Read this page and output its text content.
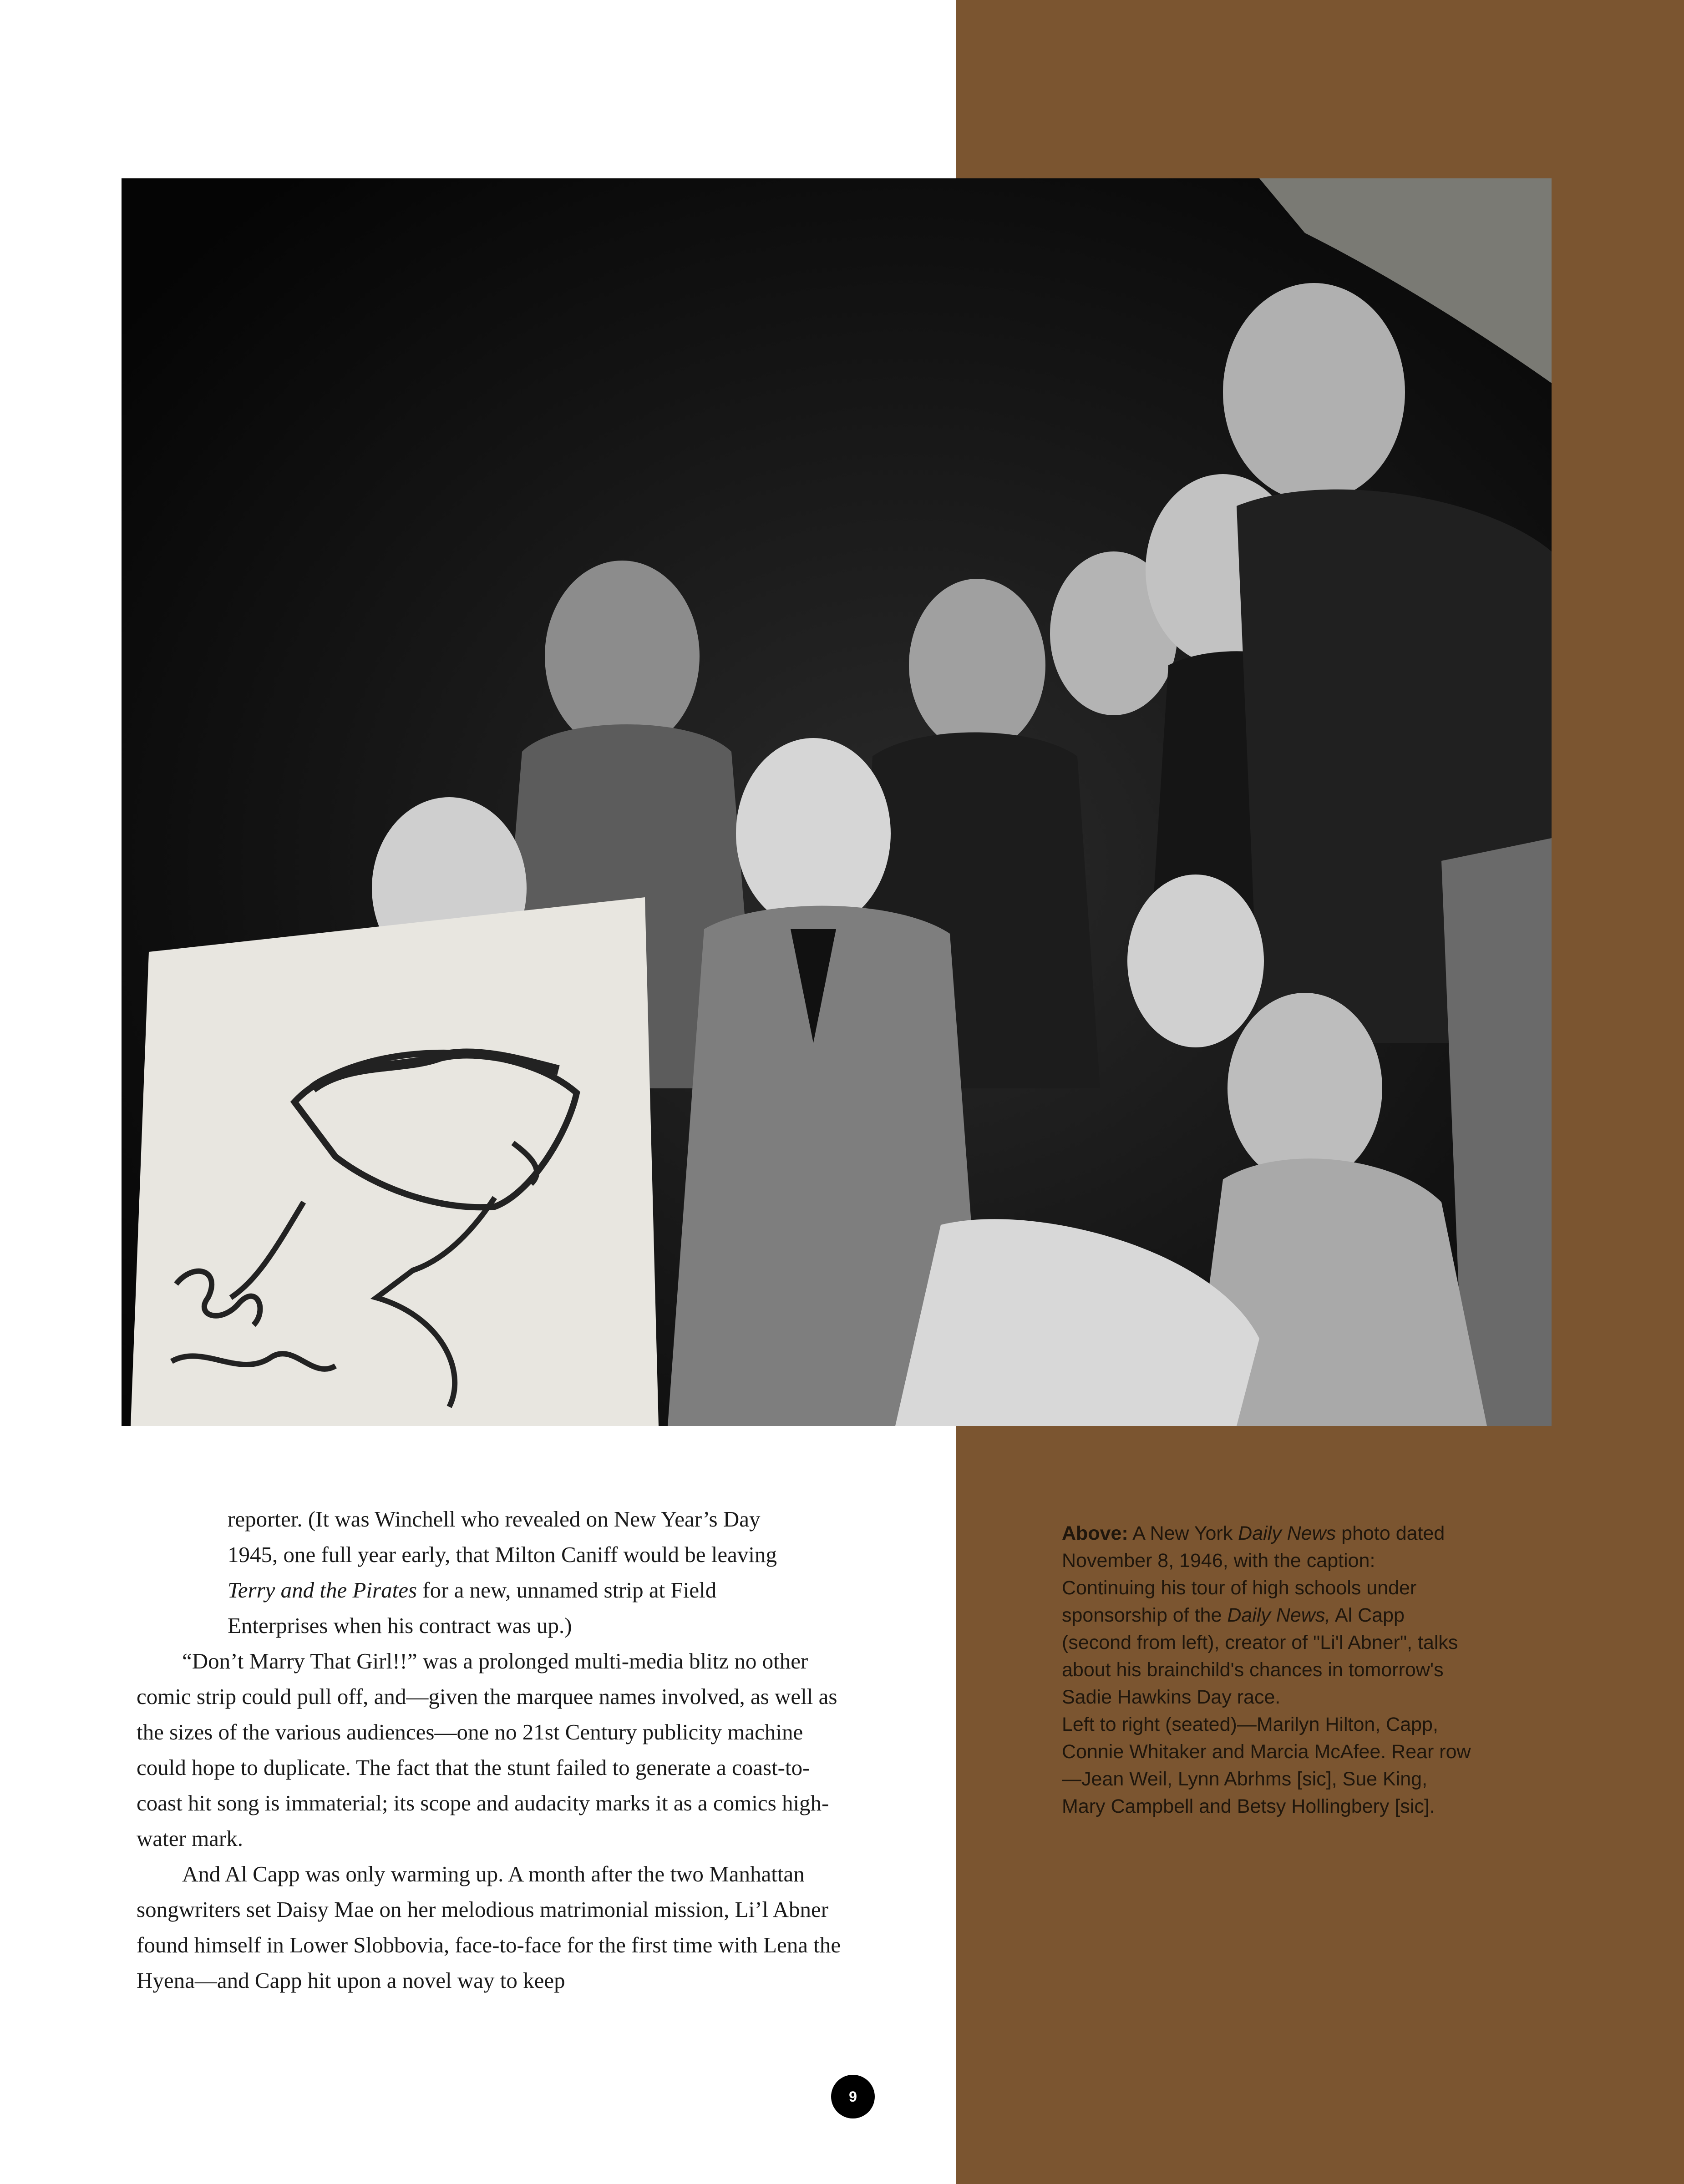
reporter. (It was Winchell who revealed on New Year’s Day
1945, one full year early, that Milton Caniff would be leaving
Terry and the Pirates for a new, unnamed strip at Field
Enterprises when his contract was up.)

“Don’t Marry That Girl!!” was a prolonged multi-media blitz no other comic strip could pull off, and—given the marquee names involved, as well as the sizes of the various audiences—one no 21st Century publicity machine could hope to duplicate. The fact that the stunt failed to generate a coast-to-coast hit song is immaterial; its scope and audacity marks it as a comics high-water mark.

And Al Capp was only warming up. A month after the two Manhattan songwriters set Daisy Mae on her melodious matrimonial mission, Li’l Abner found himself in Lower Slobbovia, face-to-face for the first time with Lena the Hyena—and Capp hit upon a novel way to keep

Above: A New York Daily News photo dated November 8, 1946, with the caption: Continuing his tour of high schools under sponsorship of the Daily News, Al Capp (second from left), creator of "Li'l Abner", talks about his brainchild's chances in tomorrow's Sadie Hawkins Day race.
Left to right (seated)—Marilyn Hilton, Capp, Connie Whitaker and Marcia McAfee. Rear row—Jean Weil, Lynn Abrhms [sic], Sue King, Mary Campbell and Betsy Hollingbery [sic].
9
